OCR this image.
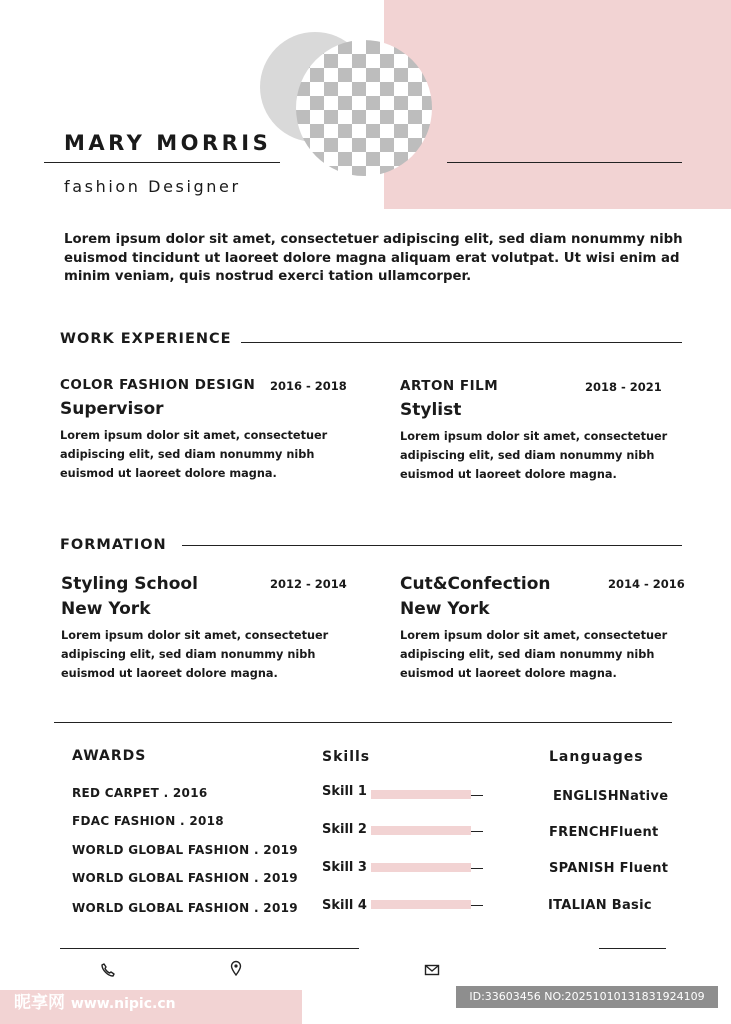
MARY MORRIS
fashion Designer
Lorem ipsum dolor sit amet, consectetuer adipiscing elit, sed diam nonummy nibh euismod tincidunt ut laoreet dolore magna aliquam erat volutpat. Ut wisi enim ad minim veniam, quis nostrud exerci tation ullamcorper.
WORK EXPERIENCE
COLOR FASHION DESIGN 2016 - 2018
Supervisor
Lorem ipsum dolor sit amet, consectetuer adipiscing elit, sed diam nonummy nibh euismod ut laoreet dolore magna.
ARTON FILM	2018 - 2021
Stylist
Lorem ipsum dolor sit amet, consectetuer adipiscing elit, sed diam nonummy nibh euismod ut laoreet dolore magna.
FORMATION
Styling School
New York
2012 - 2014
Lorem ipsum dolor sit amet, consectetuer adipiscing elit, sed diam nonummy nibh euismod ut laoreet dolore magna.
Cut&Confection
New York
2014 - 2016
Lorem ipsum dolor sit amet, consectetuer adipiscing elit, sed diam nonummy nibh euismod ut laoreet dolore magna.
AWARDS
RED CARPET . 2016
FDAC FASHION . 2018
WORLD GLOBAL FASHION . 2019
WORLD GLOBAL FASHION . 2019
WORLD GLOBAL FASHION . 2019
Skills
Skill 1
Skill 2
Skill 3
Skill 4
Languages
ENGLISHNative
FRENCHFluent
SPANISH Fluent
ITALIAN Basic
昵享网 www.nipic.cn	ID:33603456 NO:20251010131831924109
